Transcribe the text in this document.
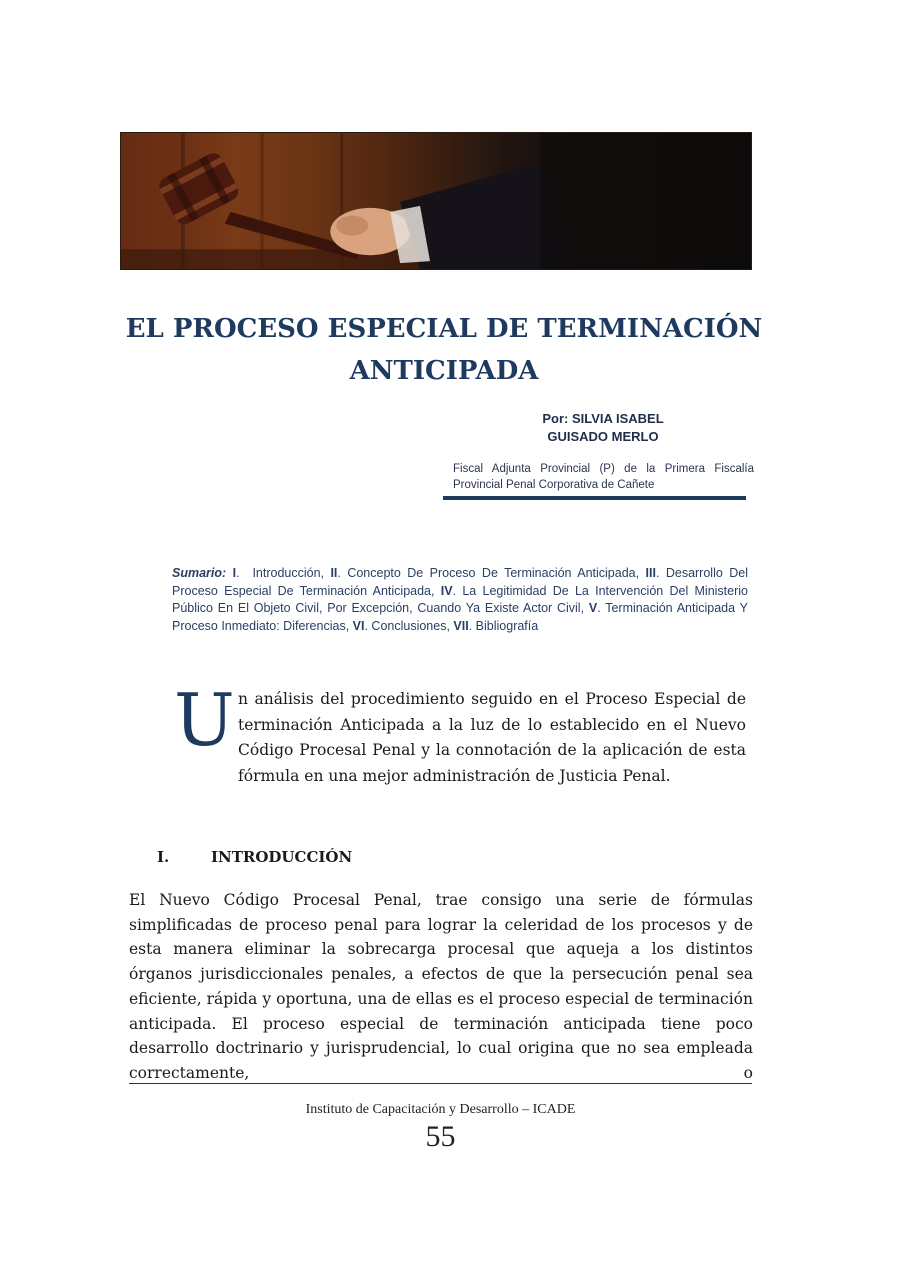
EL PROCESO ESPECIAL DE TERMINACIÓN
ANTICIPADA
Por: SILVIA ISABEL
GUISADO MERLO
Fiscal Adjunta Provincial (P) de la Primera Fiscalía Provincial Penal Corporativa de Cañete
Sumario: I.  Introducción, II. Concepto De Proceso De Terminación Anticipada, III. Desarrollo Del Proceso Especial De Terminación Anticipada, IV. La Legitimidad De La Intervención Del Ministerio Público En El Objeto Civil, Por Excepción, Cuando Ya Existe Actor Civil, V. Terminación Anticipada Y Proceso Inmediato: Diferencias, VI. Conclusiones, VII. Bibliografía
U n análisis del procedimiento seguido en el Proceso Especial de terminación Anticipada a la luz de lo establecido en el Nuevo Código Procesal Penal y la connotación de la aplicación de esta fórmula en una mejor administración de Justicia Penal.

I.	INTRODUCCIÓN

El Nuevo Código Procesal Penal, trae consigo una serie de fórmulas simplificadas de proceso penal para lograr la celeridad de los procesos y de esta manera eliminar la sobrecarga procesal que aqueja a los distintos órganos jurisdiccionales penales, a efectos de que la persecución penal sea eficiente, rápida y oportuna, una de ellas es el proceso especial de terminación anticipada. El proceso especial de terminación anticipada tiene poco desarrollo doctrinario y jurisprudencial, lo cual origina que no sea empleada correctamente, o

Instituto de Capacitación y Desarrollo – ICADE
55
